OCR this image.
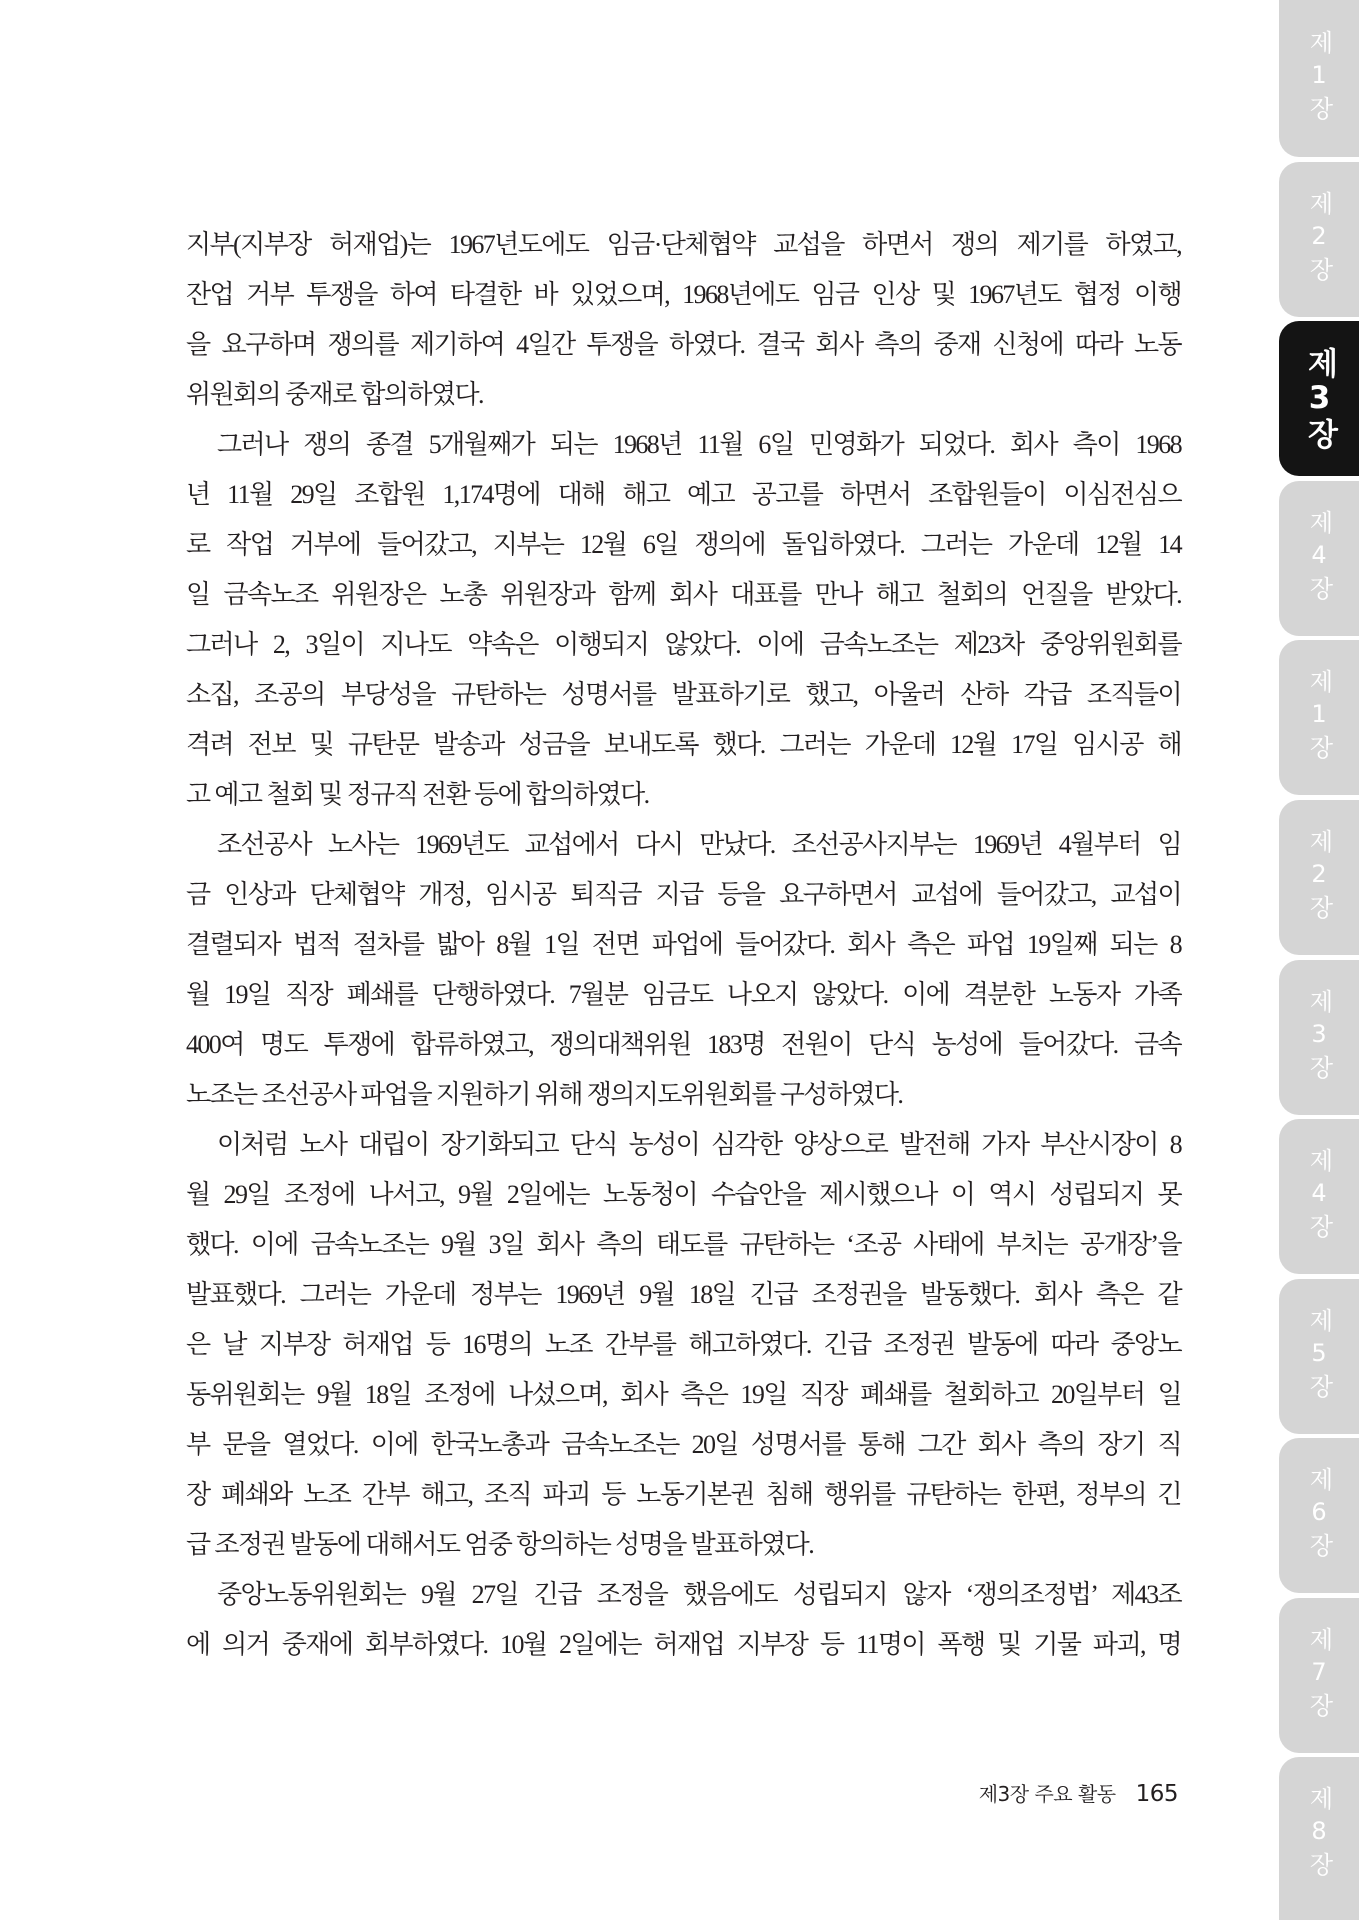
제1장
제2장
제3장
제4장
제1장
제2장
제3장
제4장
제5장
제6장
제7장
제8장
지부(지부장 허재업)는 1967년도에도 임금·단체협약 교섭을 하면서 쟁의 제기를 하였고,
잔업 거부 투쟁을 하여 타결한 바 있었으며, 1968년에도 임금 인상 및 1967년도 협정 이행
을 요구하며 쟁의를 제기하여 4일간 투쟁을 하였다. 결국 회사 측의 중재 신청에 따라 노동
위원회의 중재로 합의하였다.
그러나 쟁의 종결 5개월째가 되는 1968년 11월 6일 민영화가 되었다. 회사 측이 1968
년 11월 29일 조합원 1,174명에 대해 해고 예고 공고를 하면서 조합원들이 이심전심으
로 작업 거부에 들어갔고, 지부는 12월 6일 쟁의에 돌입하였다. 그러는 가운데 12월 14
일 금속노조 위원장은 노총 위원장과 함께 회사 대표를 만나 해고 철회의 언질을 받았다.
그러나 2, 3일이 지나도 약속은 이행되지 않았다. 이에 금속노조는 제23차 중앙위원회를
소집, 조공의 부당성을 규탄하는 성명서를 발표하기로 했고, 아울러 산하 각급 조직들이
격려 전보 및 규탄문 발송과 성금을 보내도록 했다. 그러는 가운데 12월 17일 임시공 해
고 예고 철회 및 정규직 전환 등에 합의하였다.
조선공사 노사는 1969년도 교섭에서 다시 만났다. 조선공사지부는 1969년 4월부터 임
금 인상과 단체협약 개정, 임시공 퇴직금 지급 등을 요구하면서 교섭에 들어갔고, 교섭이
결렬되자 법적 절차를 밟아 8월 1일 전면 파업에 들어갔다. 회사 측은 파업 19일째 되는 8
월 19일 직장 폐쇄를 단행하였다. 7월분 임금도 나오지 않았다. 이에 격분한 노동자 가족
400여 명도 투쟁에 합류하였고, 쟁의대책위원 183명 전원이 단식 농성에 들어갔다. 금속
노조는 조선공사 파업을 지원하기 위해 쟁의지도위원회를 구성하였다.
이처럼 노사 대립이 장기화되고 단식 농성이 심각한 양상으로 발전해 가자 부산시장이 8
월 29일 조정에 나서고, 9월 2일에는 노동청이 수습안을 제시했으나 이 역시 성립되지 못
했다. 이에 금속노조는 9월 3일 회사 측의 태도를 규탄하는 ‘조공 사태에 부치는 공개장’을
발표했다. 그러는 가운데 정부는 1969년 9월 18일 긴급 조정권을 발동했다. 회사 측은 같
은 날 지부장 허재업 등 16명의 노조 간부를 해고하였다. 긴급 조정권 발동에 따라 중앙노
동위원회는 9월 18일 조정에 나섰으며, 회사 측은 19일 직장 폐쇄를 철회하고 20일부터 일
부 문을 열었다. 이에 한국노총과 금속노조는 20일 성명서를 통해 그간 회사 측의 장기 직
장 폐쇄와 노조 간부 해고, 조직 파괴 등 노동기본권 침해 행위를 규탄하는 한편, 정부의 긴
급 조정권 발동에 대해서도 엄중 항의하는 성명을 발표하였다.
중앙노동위원회는 9월 27일 긴급 조정을 했음에도 성립되지 않자 ‘쟁의조정법’ 제43조
에 의거 중재에 회부하였다. 10월 2일에는 허재업 지부장 등 11명이 폭행 및 기물 파괴, 명
제3장 주요 활동 165
